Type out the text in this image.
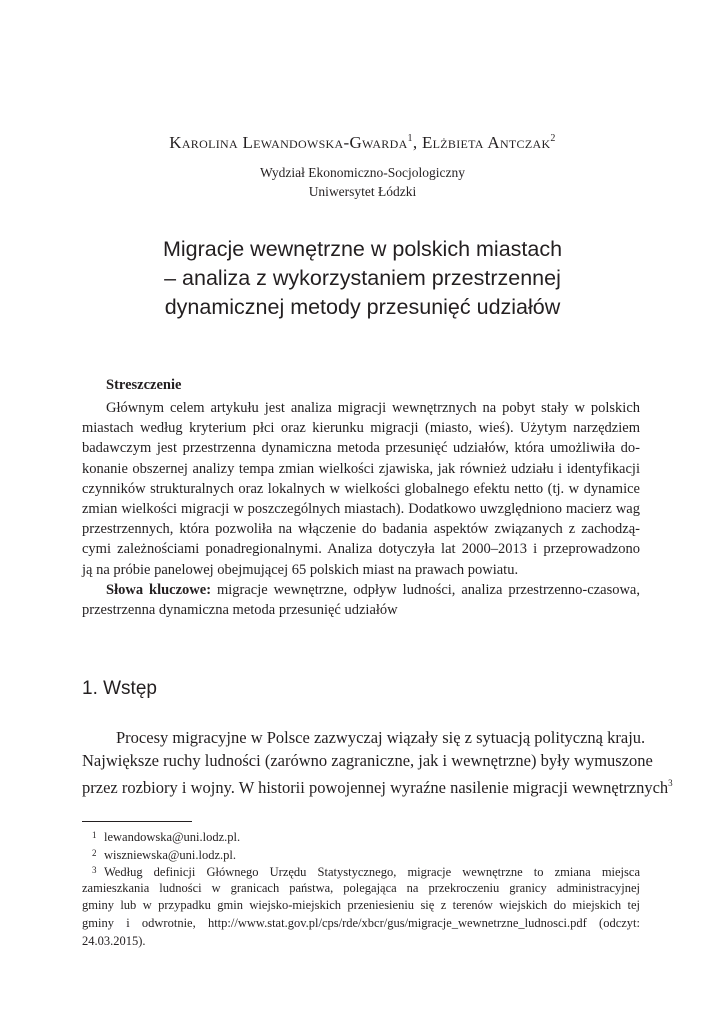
Karolina Lewandowska-Gwarda$^1$, Elżbieta Antczak$^2$
Wydział Ekonomiczno-Socjologiczny
Uniwersytet Łódzki
Migracje wewnętrzne w polskich miastach
– analiza z wykorzystaniem przestrzennej
dynamicznej metody przesunięć udziałów
Streszczenie
Głównym celem artykułu jest analiza migracji wewnętrznych na pobyt stały w polskich
miastach według kryterium płci oraz kierunku migracji (miasto, wieś). Użytym narzędziem
badawczym jest przestrzenna dynamiczna metoda przesunięć udziałów, która umożliwiła do-
konanie obszernej analizy tempa zmian wielkości zjawiska, jak również udziału i identyfikacji
czynników strukturalnych oraz lokalnych w wielkości globalnego efektu netto (tj. w dynamice
zmian wielkości migracji w poszczególnych miastach). Dodatkowo uwzględniono macierz wag
przestrzennych, która pozwoliła na włączenie do badania aspektów związanych z zachodzą-
cymi zależnościami ponadregionalnymi. Analiza dotyczyła lat 2000–2013 i przeprowadzono
ją na próbie panelowej obejmującej 65 polskich miast na prawach powiatu.
Słowa kluczowe: migracje wewnętrzne, odpływ ludności, analiza przestrzenno-czasowa,
przestrzenna dynamiczna metoda przesunięć udziałów
1. Wstęp
Procesy migracyjne w Polsce zazwyczaj wiązały się z sytuacją polityczną kraju.
Największe ruchy ludności (zarówno zagraniczne, jak i wewnętrzne) były wymuszone
przez rozbiory i wojny. W historii powojennej wyraźne nasilenie migracji wewnętrznych$^3$
1 lewandowska@uni.lodz.pl.
2 wiszniewska@uni.lodz.pl.
3 Według definicji Głównego Urzędu Statystycznego, migracje wewnętrzne to zmiana miejsca
zamieszkania ludności w granicach państwa, polegająca na przekroczeniu granicy administracyjnej
gminy lub w przypadku gmin wiejsko-miejskich przeniesieniu się z terenów wiejskich do miejskich tej
gminy i odwrotnie, http://www.stat.gov.pl/cps/rde/xbcr/gus/migracje_wewnetrzne_ludnosci.pdf (odczyt:
24.03.2015).
